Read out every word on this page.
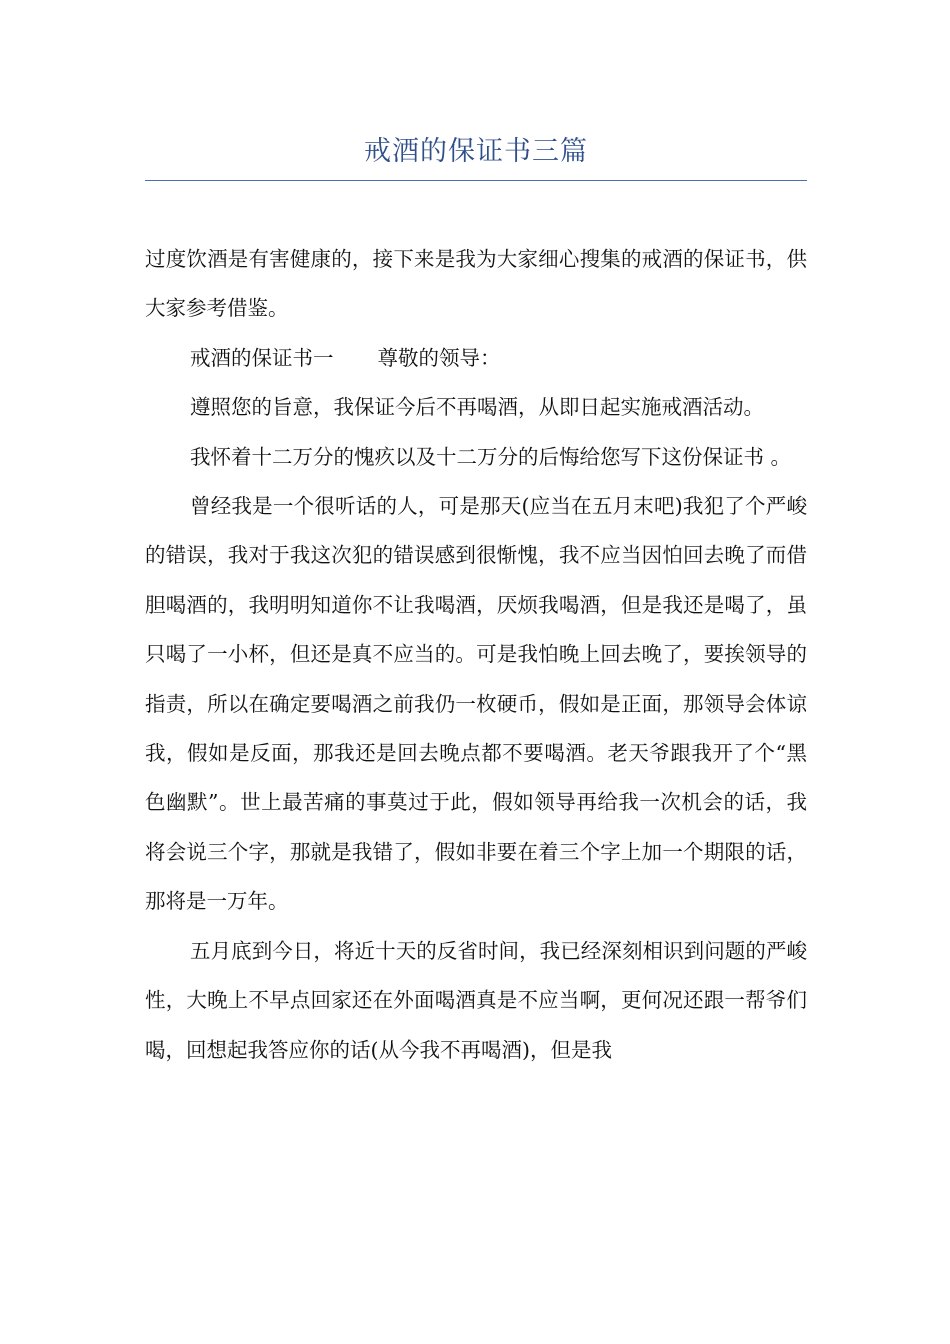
戒酒的保证书三篇

过度饮酒是有害健康的，接下来是我为大家细心搜集的戒酒的保证书，供大家参考借鉴。

戒酒的保证书一 尊敬的领导：

遵照您的旨意，我保证今后不再喝酒，从即日起实施戒酒活动。

我怀着十二万分的愧疚以及十二万分的后悔给您写下这份保证书 。

曾经我是一个很听话的人，可是那天(应当在五月末吧)我犯了个严峻的错误，我对于我这次犯的错误感到很惭愧，我不应当因怕回去晚了而借胆喝酒的，我明明知道你不让我喝酒，厌烦我喝酒，但是我还是喝了，虽只喝了一小杯，但还是真不应当的。可是我怕晚上回去晚了，要挨领导的指责，所以在确定要喝酒之前我仍一枚硬币，假如是正面，那领导会体谅我，假如是反面，那我还是回去晚点都不要喝酒。老天爷跟我开了个“黑色幽默”。世上最苦痛的事莫过于此，假如领导再给我一次机会的话，我将会说三个字，那就是我错了，假如非要在着三个字上加一个期限的话，那将是一万年。

五月底到今日，将近十天的反省时间，我已经深刻相识到问题的严峻性，大晚上不早点回家还在外面喝酒真是不应当啊，更何况还跟一帮爷们喝，回想起我答应你的话(从今我不再喝酒)，但是我
